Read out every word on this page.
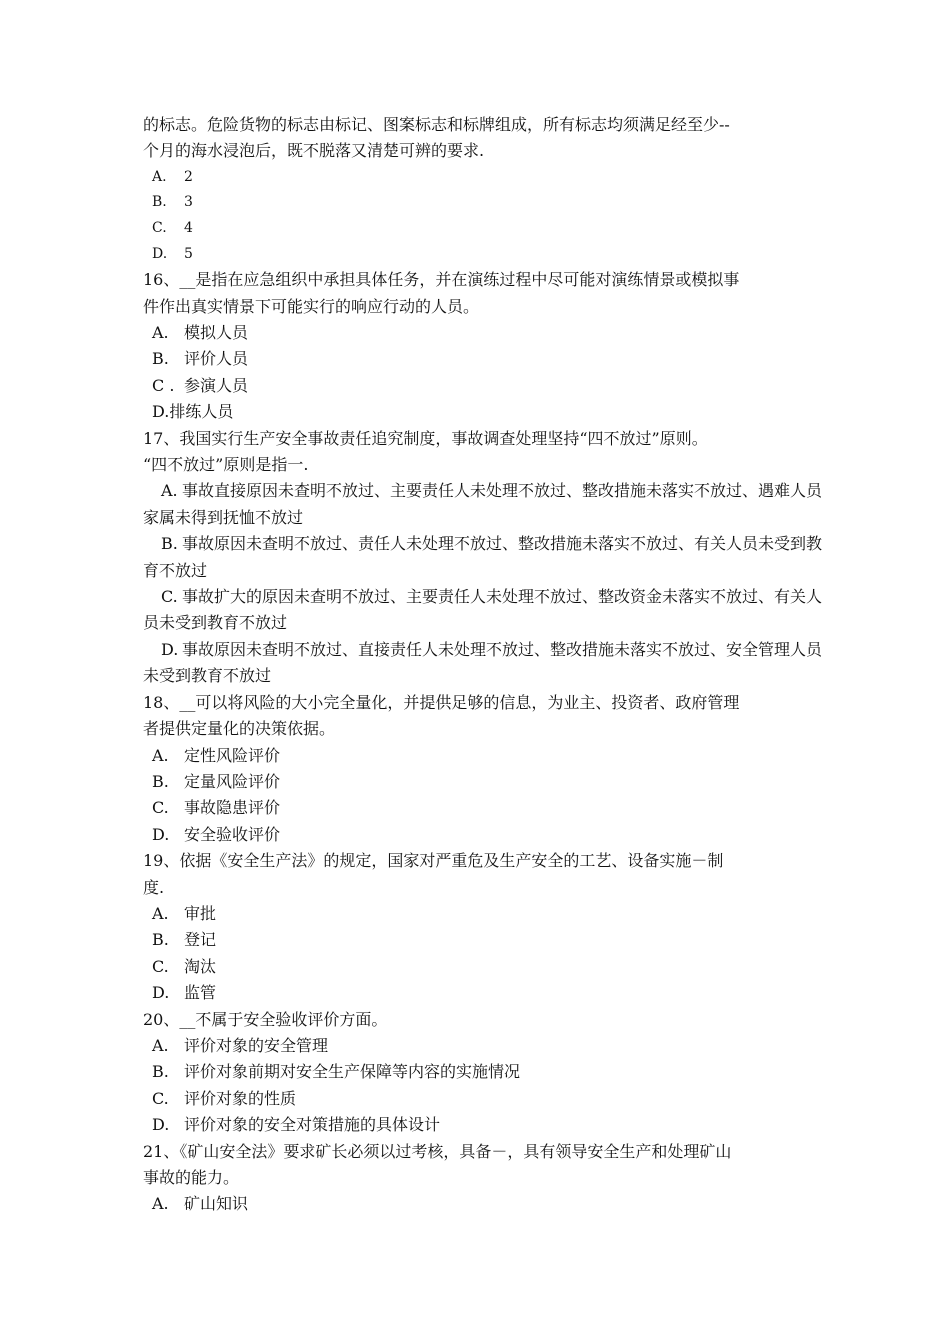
的标志。危险货物的标志由标记、图案标志和标牌组成，所有标志均须满足经至少--

个月的海水浸泡后，既不脱落又清楚可辨的要求.

A. 2

B. 3

C. 4

D. 5

16、__是指在应急组织中承担具体任务，并在演练过程中尽可能对演练情景或模拟事

件作出真实情景下可能实行的响应行动的人员。

A. 模拟人员

B. 评价人员

C . 参演人员

D.排练人员

17、我国实行生产安全事故责任追究制度，事故调查处理坚持“四不放过”原则。

“四不放过”原则是指一.

A. 事故直接原因未查明不放过、主要责任人未处理不放过、整改措施未落实不放过、遇难人员家属未得到抚恤不放过

B. 事故原因未查明不放过、责任人未处理不放过、整改措施未落实不放过、有关人员未受到教育不放过

C. 事故扩大的原因未查明不放过、主要责任人未处理不放过、整改资金未落实不放过、有关人员未受到教育不放过

D. 事故原因未查明不放过、直接责任人未处理不放过、整改措施未落实不放过、安全管理人员未受到教育不放过

18、__可以将风险的大小完全量化，并提供足够的信息，为业主、投资者、政府管理

者提供定量化的决策依据。

A. 定性风险评价

B. 定量风险评价

C. 事故隐患评价

D. 安全验收评价

19、依据《安全生产法》的规定，国家对严重危及生产安全的工艺、设备实施－制

度.

A. 审批

B. 登记

C. 淘汰

D. 监管

20、__不属于安全验收评价方面。

A. 评价对象的安全管理

B. 评价对象前期对安全生产保障等内容的实施情况

C. 评价对象的性质

D. 评价对象的安全对策措施的具体设计

21、《矿山安全法》要求矿长必须以过考核，具备－，具有领导安全生产和处理矿山

事故的能力。

A. 矿山知识
